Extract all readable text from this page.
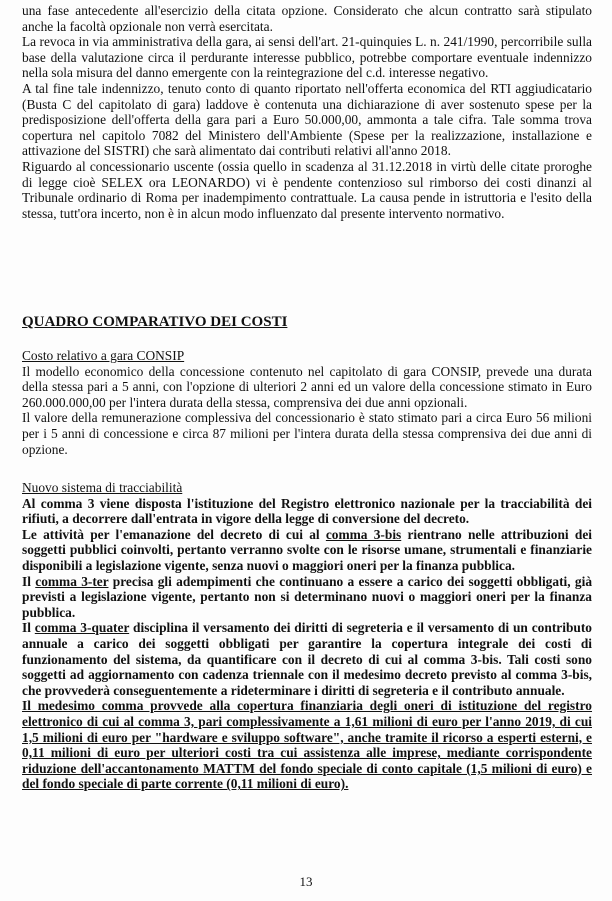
una fase antecedente all'esercizio della citata opzione. Considerato che alcun contratto sarà stipulato anche la facoltà opzionale non verrà esercitata.

La revoca in via amministrativa della gara, ai sensi dell'art. 21-quinquies L. n. 241/1990, percorribile sulla base della valutazione circa il perdurante interesse pubblico, potrebbe comportare eventuale indennizzo nella sola misura del danno emergente con la reintegrazione del c.d. interesse negativo.

A tal fine tale indennizzo, tenuto conto di quanto riportato nell'offerta economica del RTI aggiudicatario (Busta C del capitolato di gara) laddove è contenuta una dichiarazione di aver sostenuto spese per la predisposizione dell'offerta della gara pari a Euro 50.000,00, ammonta a tale cifra. Tale somma trova copertura nel capitolo 7082 del Ministero dell'Ambiente (Spese per la realizzazione, installazione e attivazione del SISTRI) che sarà alimentato dai contributi relativi all'anno 2018.

Riguardo al concessionario uscente (ossia quello in scadenza al 31.12.2018 in virtù delle citate proroghe di legge cioè SELEX ora LEONARDO) vi è pendente contenzioso sul rimborso dei costi dinanzi al Tribunale ordinario di Roma per inadempimento contrattuale. La causa pende in istruttoria e l'esito della stessa, tutt'ora incerto, non è in alcun modo influenzato dal presente intervento normativo.

QUADRO COMPARATIVO DEI COSTI

Costo relativo a gara CONSIP

Il modello economico della concessione contenuto nel capitolato di gara CONSIP, prevede una durata della stessa pari a 5 anni, con l'opzione di ulteriori 2 anni ed un valore della concessione stimato in Euro 260.000.000,00 per l'intera durata della stessa, comprensiva dei due anni opzionali.

Il valore della remunerazione complessiva del concessionario è stato stimato pari a circa Euro 56 milioni per i 5 anni di concessione e circa 87 milioni per l'intera durata della stessa comprensiva dei due anni di opzione.

Nuovo sistema di tracciabilità

Al comma 3 viene disposta l'istituzione del Registro elettronico nazionale per la tracciabilità dei rifiuti, a decorrere dall'entrata in vigore della legge di conversione del decreto.

Le attività per l'emanazione del decreto di cui al comma 3-bis rientrano nelle attribuzioni dei soggetti pubblici coinvolti, pertanto verranno svolte con le risorse umane, strumentali e finanziarie disponibili a legislazione vigente, senza nuovi o maggiori oneri per la finanza pubblica.

Il comma 3-ter precisa gli adempimenti che continuano a essere a carico dei soggetti obbligati, già previsti a legislazione vigente, pertanto non si determinano nuovi o maggiori oneri per la finanza pubblica.

Il comma 3-quater disciplina il versamento dei diritti di segreteria e il versamento di un contributo annuale a carico dei soggetti obbligati per garantire la copertura integrale dei costi di funzionamento del sistema, da quantificare con il decreto di cui al comma 3-bis. Tali costi sono soggetti ad aggiornamento con cadenza triennale con il medesimo decreto previsto al comma 3-bis, che provvederà conseguentemente a rideterminare i diritti di segreteria e il contributo annuale.

Il medesimo comma provvede alla copertura finanziaria degli oneri di istituzione del registro elettronico di cui al comma 3, pari complessivamente a 1,61 milioni di euro per l'anno 2019, di cui 1,5 milioni di euro per "hardware e sviluppo software", anche tramite il ricorso a esperti esterni, e 0,11 milioni di euro per ulteriori costi tra cui assistenza alle imprese, mediante corrispondente riduzione dell'accantonamento MATTM del fondo speciale di conto capitale (1,5 milioni di euro) e del fondo speciale di parte corrente (0,11 milioni di euro).

13
